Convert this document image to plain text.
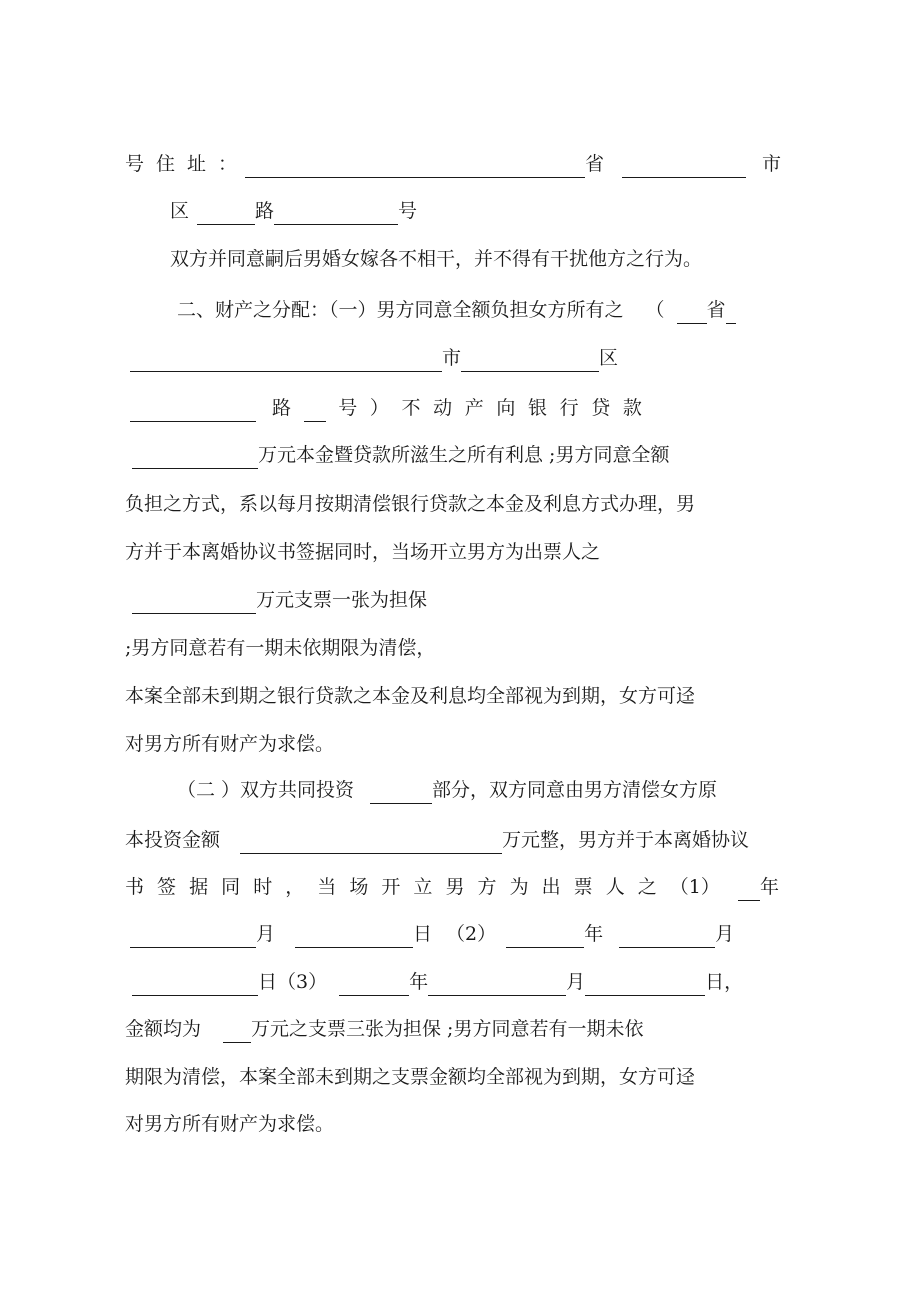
号 住 址 ：	省	市
区	路	号
双方并同意嗣后男婚女嫁各不相干，并不得有干扰他方之行为。
二、财产之分配：（一）男方同意全额负担女方所有之 （ 省
市	区
路 号 ） 不 动 产 向 银 行 贷 款
万元本金暨贷款所滋生之所有利息 ;男方同意全额
负担之方式，系以每月按期清偿银行贷款之本金及利息方式办理，男
方并于本离婚协议书签据同时，当场开立男方为出票人之
万元支票一张为担保
;男方同意若有一期未依期限为清偿，
本案全部未到期之银行贷款之本金及利息均全部视为到期，女方可迳
对男方所有财产为求偿。
（二 ）双方共同投资	部分，双方同意由男方清偿女方原
本投资金额	万元整，男方并于本离婚协议
书 签 据 同 时 ， 当 场 开 立 男 方 为 出 票 人 之 （1） 年
月	日 （2）	年	月
日 （3）	年	月	日，
金额均为	万元之支票三张为担保 ;男方同意若有一期未依
期限为清偿，本案全部未到期之支票金额均全部视为到期，女方可迳
对男方所有财产为求偿。
